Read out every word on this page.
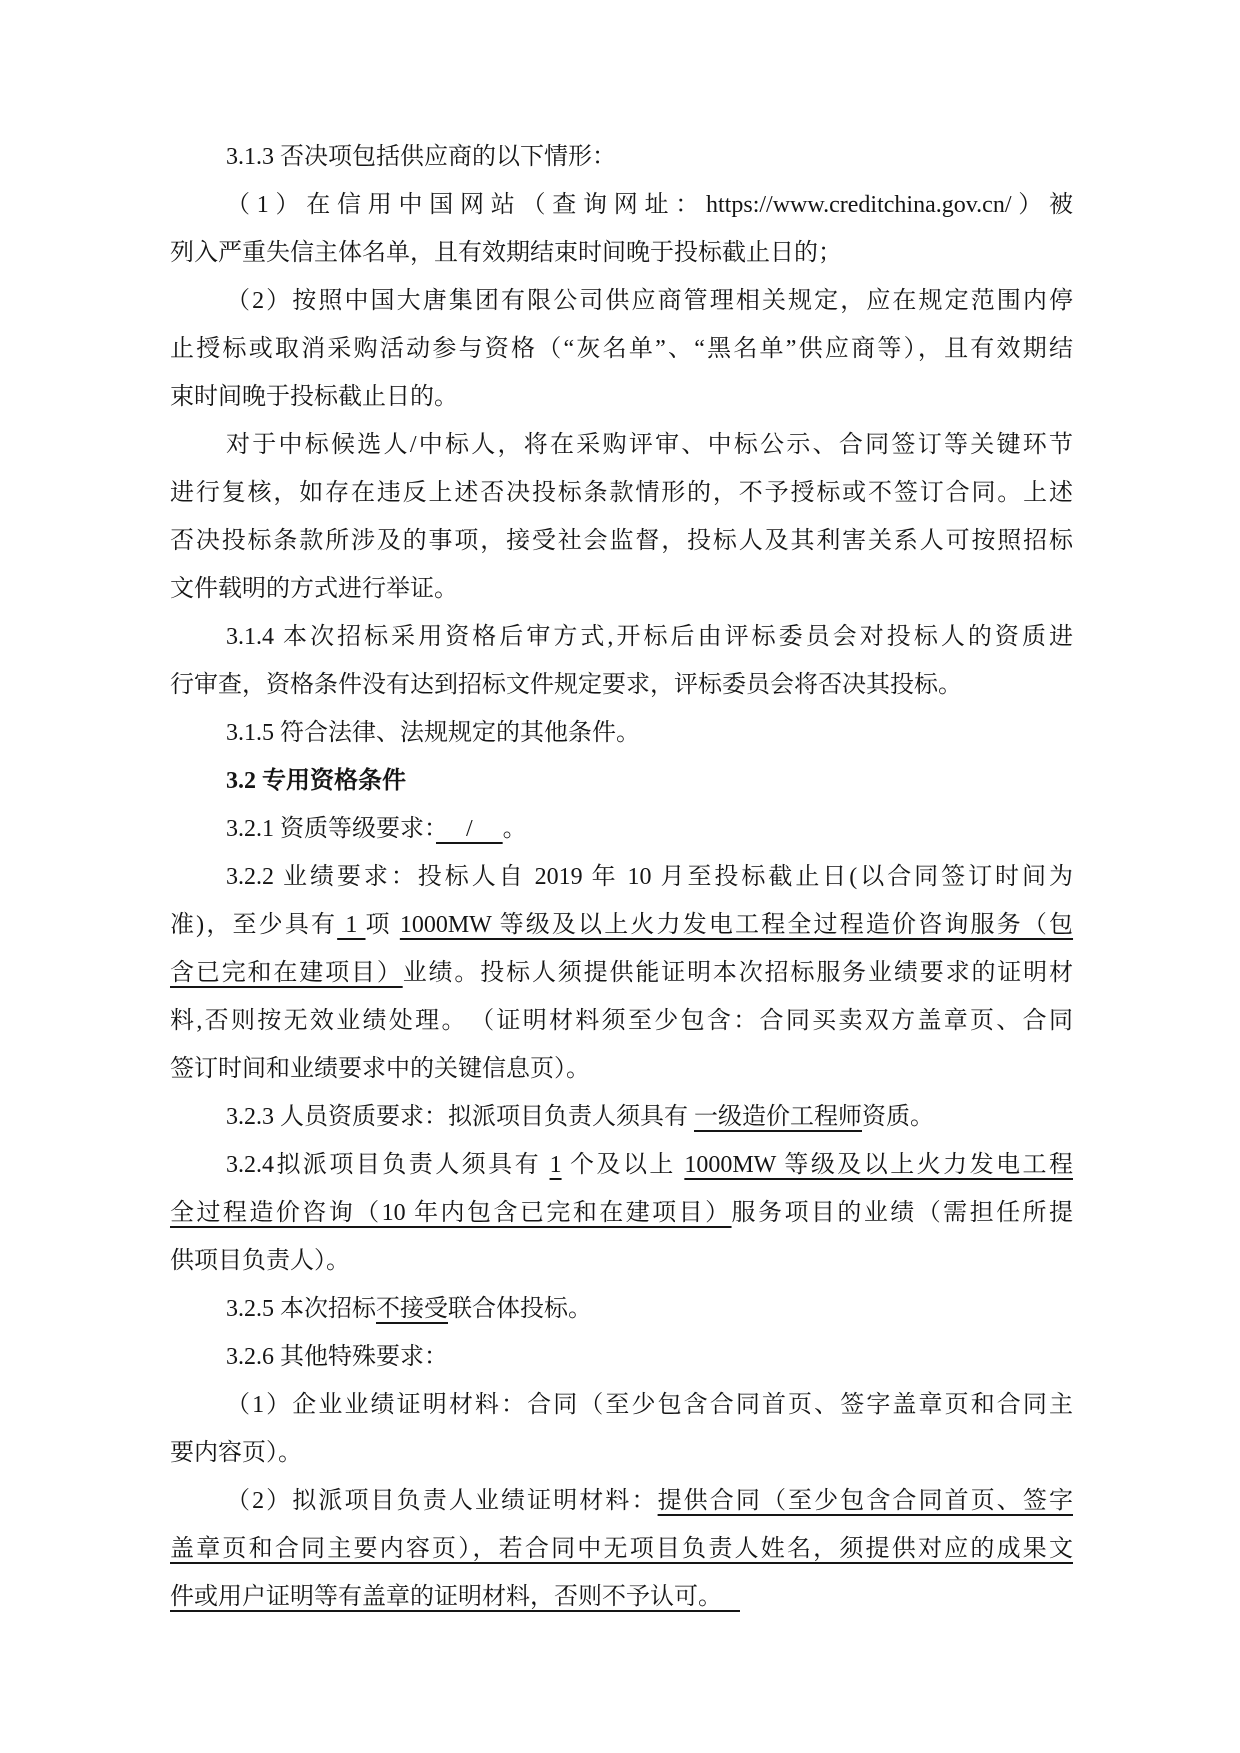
3.1.3 否决项包括供应商的以下情形：
（1）在信用中国网站（查询网址：https://www.creditchina.gov.cn/）被
列入严重失信主体名单，且有效期结束时间晚于投标截止日的；
（2）按照中国大唐集团有限公司供应商管理相关规定，应在规定范围内停
止授标或取消采购活动参与资格（“灰名单”、“黑名单”供应商等），且有效期结
束时间晚于投标截止日的。
对于中标候选人/中标人，将在采购评审、中标公示、合同签订等关键环节
进行复核，如存在违反上述否决投标条款情形的，不予授标或不签订合同。上述
否决投标条款所涉及的事项，接受社会监督，投标人及其利害关系人可按照招标
文件载明的方式进行举证。
3.1.4 本次招标采用资格后审方式,开标后由评标委员会对投标人的资质进
行审查，资格条件没有达到招标文件规定要求，评标委员会将否决其投标。
3.1.5 符合法律、法规规定的其他条件。
3.2 专用资格条件
3.2.1 资质等级要求：　 / 　。
3.2.2 业绩要求：投标人自 2019 年 10 月至投标截止日(以合同签订时间为
准)，至少具有 1 项 1000MW 等级及以上火力发电工程全过程造价咨询服务（包
含已完和在建项目）业绩。投标人须提供能证明本次招标服务业绩要求的证明材
料,否则按无效业绩处理。　（证明材料须至少包含：合同买卖双方盖章页、合同
签订时间和业绩要求中的关键信息页）。
3.2.3 人员资质要求：拟派项目负责人须具有 一级造价工程师资质。
3.2.4拟派项目负责人须具有 1 个及以上 1000MW 等级及以上火力发电工程
全过程造价咨询（10 年内包含已完和在建项目）服务项目的业绩（需担任所提
供项目负责人）。
3.2.5 本次招标不接受联合体投标。
3.2.6 其他特殊要求：
（1）企业业绩证明材料：合同（至少包含合同首页、签字盖章页和合同主
要内容页）。
（2）拟派项目负责人业绩证明材料：提供合同（至少包含合同首页、签字
盖章页和合同主要内容页），若合同中无项目负责人姓名，须提供对应的成果文
件或用户证明等有盖章的证明材料，否则不予认可。
